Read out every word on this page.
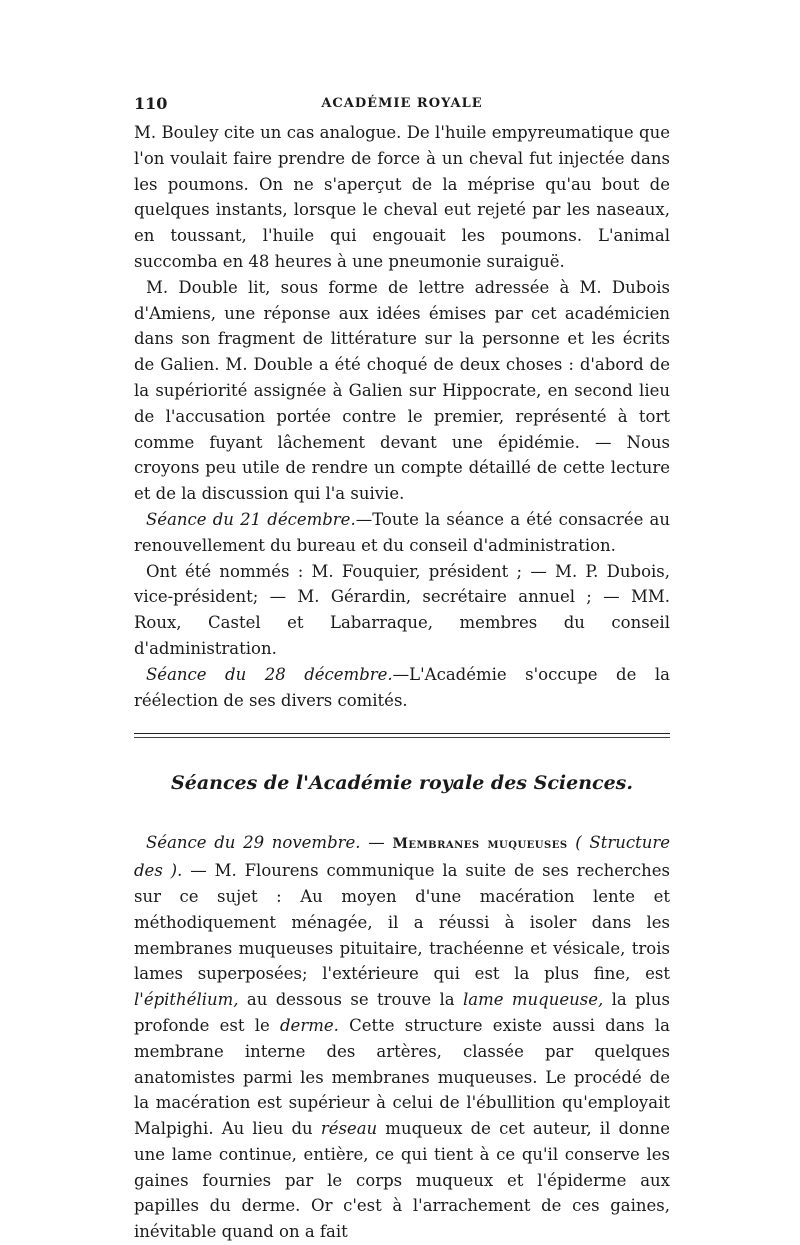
110	ACADÉMIE ROYALE

M. Bouley cite un cas analogue. De l'huile empyreumatique que l'on voulait faire prendre de force à un cheval fut injectée dans les poumons. On ne s'aperçut de la méprise qu'au bout de quelques instants, lorsque le cheval eut rejeté par les naseaux, en toussant, l'huile qui engouait les poumons. L'animal succomba en 48 heures à une pneumonie suraiguë.

M. Double lit, sous forme de lettre adressée à M. Dubois d'Amiens, une réponse aux idées émises par cet académicien dans son fragment de littérature sur la personne et les écrits de Galien. M. Double a été choqué de deux choses : d'abord de la supériorité assignée à Galien sur Hippocrate, en second lieu de l'accusation portée contre le premier, représenté à tort comme fuyant lâchement devant une épidémie. — Nous croyons peu utile de rendre un compte détaillé de cette lecture et de la discussion qui l'a suivie.

Séance du 21 décembre.—Toute la séance a été consacrée au renouvellement du bureau et du conseil d'administration.

Ont été nommés : M. Fouquier, président ; — M. P. Dubois, vice-président; — M. Gérardin, secrétaire annuel ; — MM. Roux, Castel et Labarraque, membres du conseil d'administration.

Séance du 28 décembre.—L'Académie s'occupe de la réélection de ses divers comités.

Séances de l'Académie royale des Sciences.

Séance du 29 novembre. — Membranes muqueuses ( Structure des ). — M. Flourens communique la suite de ses recherches sur ce sujet : Au moyen d'une macération lente et méthodiquement ménagée, il a réussi à isoler dans les membranes muqueuses pituitaire, trachéenne et vésicale, trois lames superposées; l'extérieure qui est la plus fine, est l'épithélium, au dessous se trouve la lame muqueuse, la plus profonde est le derme. Cette structure existe aussi dans la membrane interne des artères, classée par quelques anatomistes parmi les membranes muqueuses. Le procédé de la macération est supérieur à celui de l'ébullition qu'employait Malpighi. Au lieu du réseau muqueux de cet auteur, il donne une lame continue, entière, ce qui tient à ce qu'il conserve les gaines fournies par le corps muqueux et l'épiderme aux papilles du derme. Or c'est à l'arrachement de ces gaines, inévitable quand on a fait
